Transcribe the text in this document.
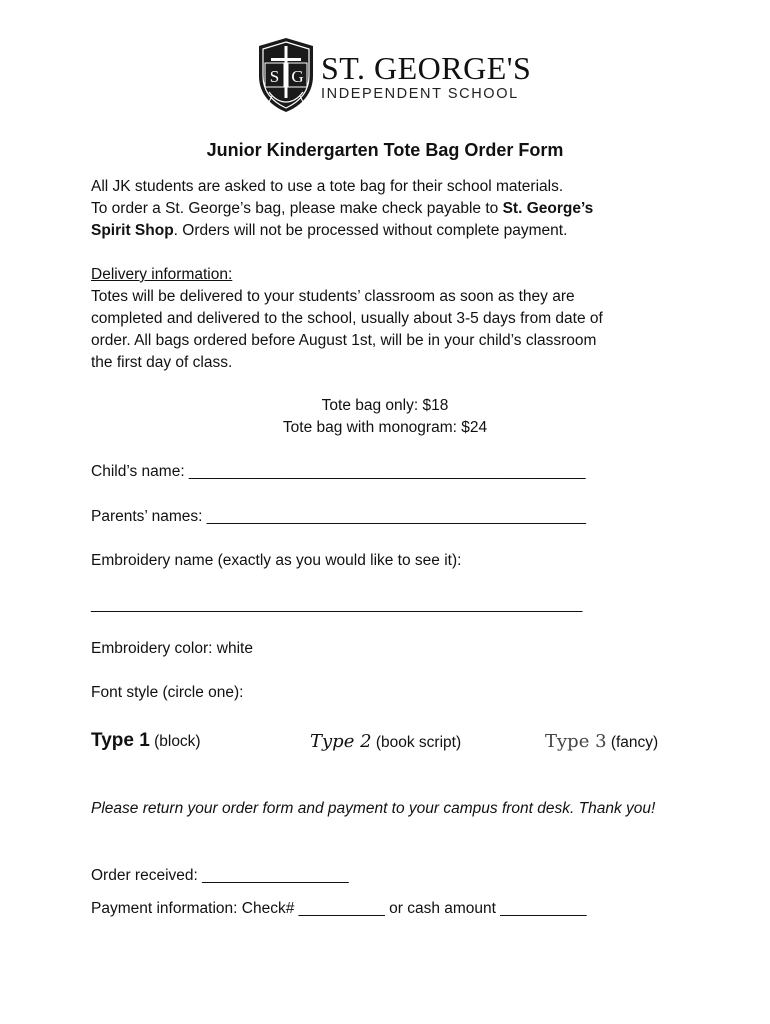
S G ST. GEORGE'S
INDEPENDENT SCHOOL
Junior Kindergarten Tote Bag Order Form
All JK students are asked to use a tote bag for their school materials.
To order a St. George’s bag, please make check payable to St. George’s
Spirit Shop. Orders will not be processed without complete payment.
Delivery information:
Totes will be delivered to your students’ classroom as soon as they are
completed and delivered to the school, usually about 3-5 days from date of
order. All bags ordered before August 1st, will be in your child’s classroom
the first day of class.
Tote bag only: $18
Tote bag with monogram: $24
Child’s name: ______________________________________________
Parents’ names: ____________________________________________
Embroidery name (exactly as you would like to see it):
_________________________________________________________
Embroidery color: white
Font style (circle one):
Type 1 (block)	Type 2 (book script)	Type 3 (fancy)
Please return your order form and payment to your campus front desk. Thank you!
Order received: _________________
Payment information: Check# __________ or cash amount __________
